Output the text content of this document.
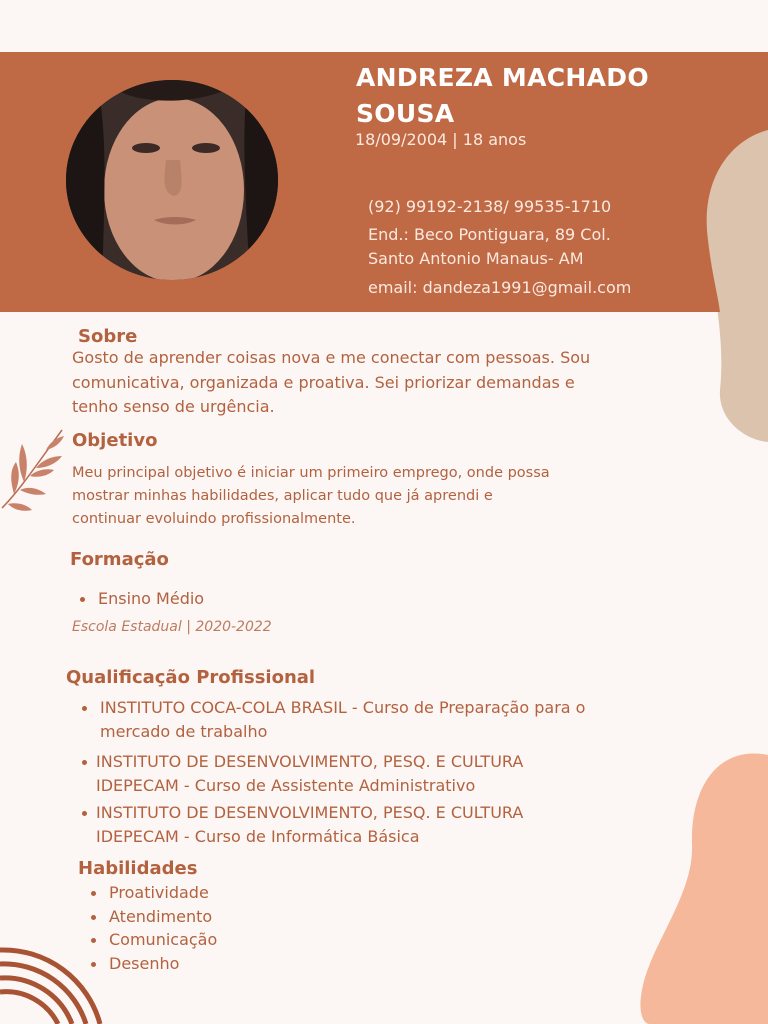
ANDREZA MACHADO
SOUSA
18/09/2004 | 18 anos
(92) 99192-2138/ 99535-1710
End.: Beco Pontiguara, 89 Col.
Santo Antonio Manaus- AM
email: dandeza1991@gmail.com
Sobre
Gosto de aprender coisas nova e me conectar com pessoas. Sou
comunicativa, organizada e proativa. Sei priorizar demandas e
tenho senso de urgência.
Objetivo
Meu principal objetivo é iniciar um primeiro emprego, onde possa
mostrar minhas habilidades, aplicar tudo que já aprendi e
continuar evoluindo profissionalmente.
Formação
Ensino Médio
Escola Estadual | 2020-2022
Qualificação Profissional
INSTITUTO COCA-COLA BRASIL - Curso de Preparação para o
mercado de trabalho
INSTITUTO DE DESENVOLVIMENTO, PESQ. E CULTURA
IDEPECAM - Curso de Assistente Administrativo
INSTITUTO DE DESENVOLVIMENTO, PESQ. E CULTURA
IDEPECAM - Curso de Informática Básica
Habilidades
Proatividade
Atendimento
Comunicação
Desenho
